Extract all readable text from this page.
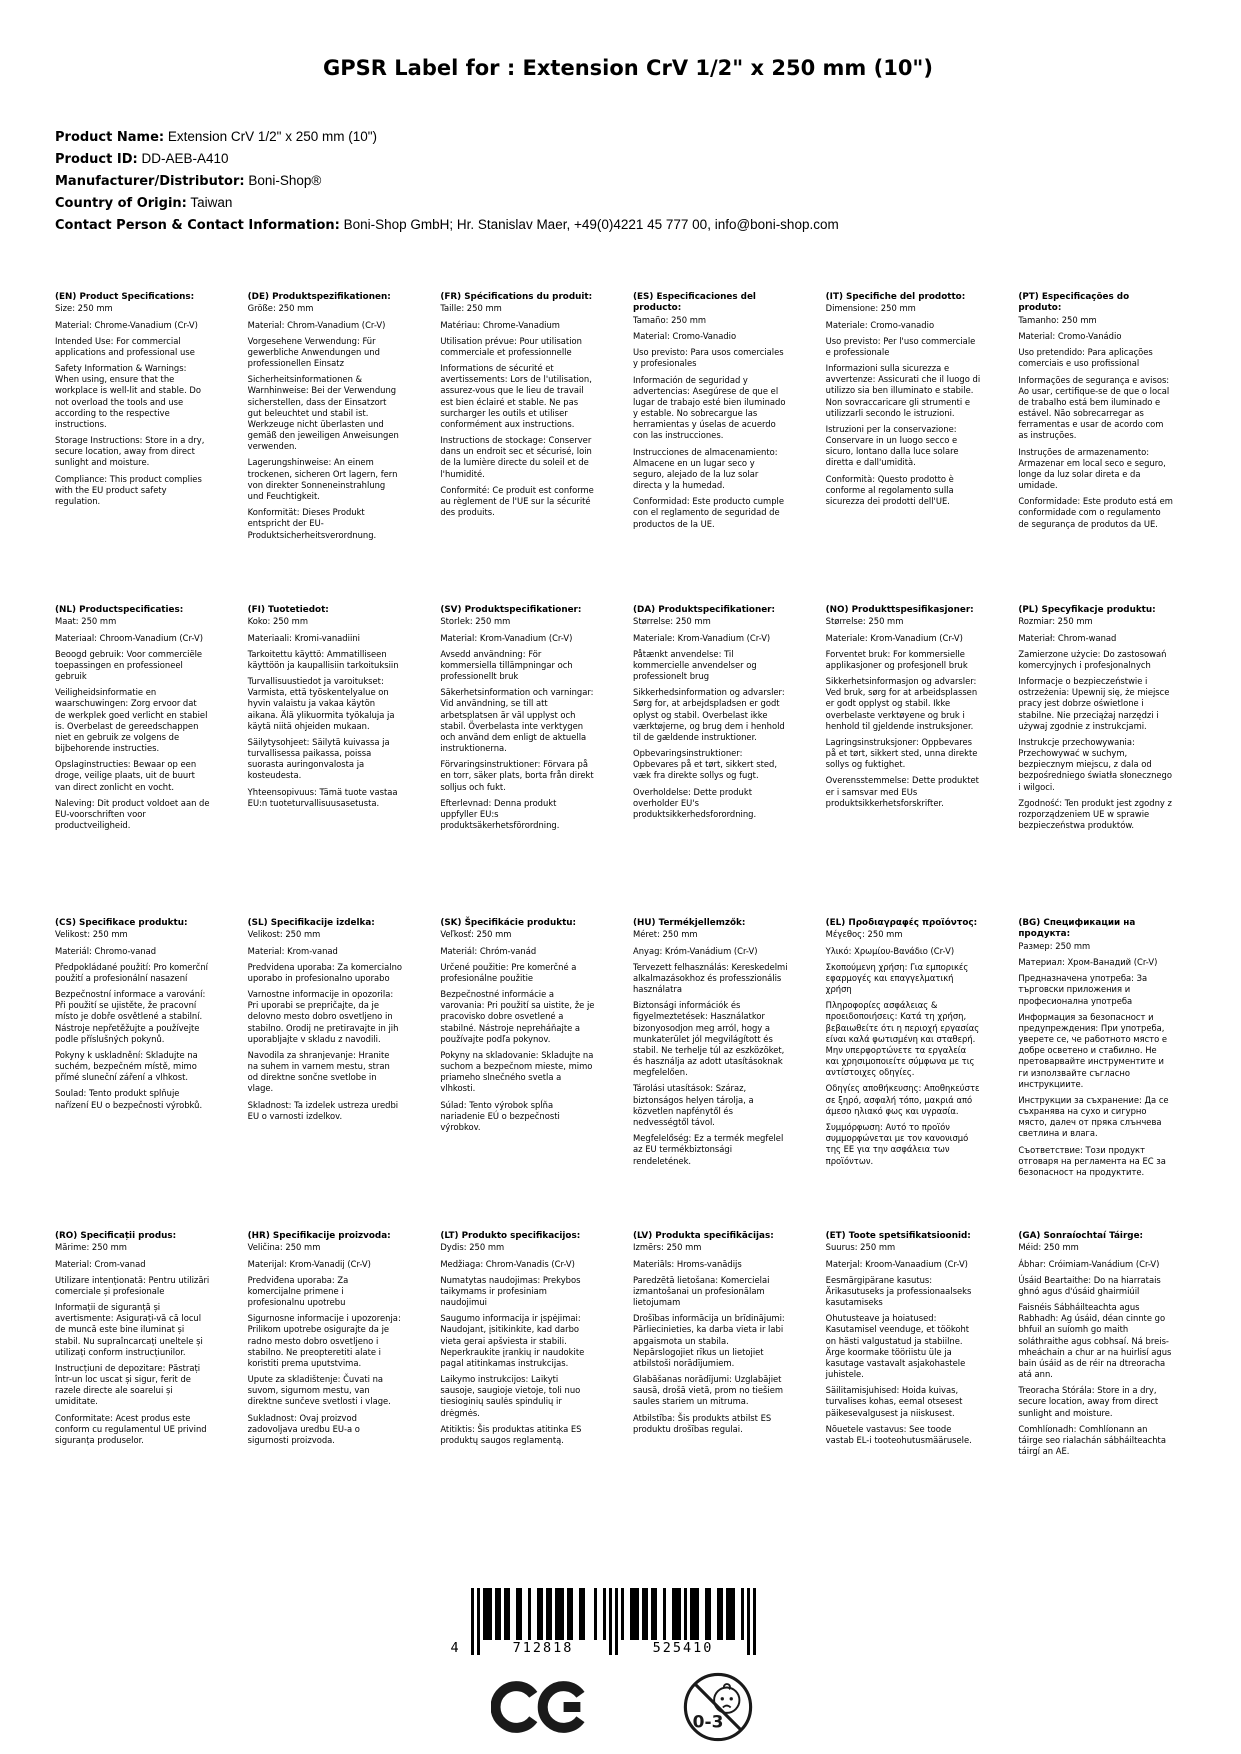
GPSR Label for : Extension CrV 1/2" x 250 mm (10")
Product Name: Extension CrV 1/2" x 250 mm (10")
Product ID: DD-AEB-A410
Manufacturer/Distributor: Boni-Shop®
Country of Origin: Taiwan
Contact Person & Contact Information: Boni-Shop GmbH; Hr. Stanislav Maer, +49(0)4221 45 777 00, info@boni-shop.com
(EN) Product Specifications:

Size: 250 mm

Material: Chrome-Vanadium (Cr-V)

Intended Use: For commercial applications and professional use

Safety Information & Warnings: When using, ensure that the workplace is well-lit and stable. Do not overload the tools and use according to the respective instructions.

Storage Instructions: Store in a dry, secure location, away from direct sunlight and moisture.

Compliance: This product complies with the EU product safety regulation.

(DE) Produktspezifikationen:

Größe: 250 mm

Material: Chrom-Vanadium (Cr-V)

Vorgesehene Verwendung: Für gewerbliche Anwendungen und professionellen Einsatz

Sicherheitsinformationen & Warnhinweise: Bei der Verwendung sicherstellen, dass der Einsatzort gut beleuchtet und stabil ist. Werkzeuge nicht überlasten und gemäß den jeweiligen Anweisungen verwenden.

Lagerungshinweise: An einem trockenen, sicheren Ort lagern, fern von direkter Sonneneinstrahlung und Feuchtigkeit.

Konformität: Dieses Produkt entspricht der EU-Produktsicherheitsverordnung.

(FR) Spécifications du produit:

Taille: 250 mm

Matériau: Chrome-Vanadium

Utilisation prévue: Pour utilisation commerciale et professionnelle

Informations de sécurité et avertissements: Lors de l'utilisation, assurez-vous que le lieu de travail est bien éclairé et stable. Ne pas surcharger les outils et utiliser conformément aux instructions.

Instructions de stockage: Conserver dans un endroit sec et sécurisé, loin de la lumière directe du soleil et de l'humidité.

Conformité: Ce produit est conforme au règlement de l'UE sur la sécurité des produits.

(ES) Especificaciones del producto:

Tamaño: 250 mm

Material: Cromo-Vanadio

Uso previsto: Para usos comerciales y profesionales

Información de seguridad y advertencias: Asegúrese de que el lugar de trabajo esté bien iluminado y estable. No sobrecargue las herramientas y úselas de acuerdo con las instrucciones.

Instrucciones de almacenamiento: Almacene en un lugar seco y seguro, alejado de la luz solar directa y la humedad.

Conformidad: Este producto cumple con el reglamento de seguridad de productos de la UE.

(IT) Specifiche del prodotto:

Dimensione: 250 mm

Materiale: Cromo-vanadio

Uso previsto: Per l'uso commerciale e professionale

Informazioni sulla sicurezza e avvertenze: Assicurati che il luogo di utilizzo sia ben illuminato e stabile. Non sovraccaricare gli strumenti e utilizzarli secondo le istruzioni.

Istruzioni per la conservazione: Conservare in un luogo secco e sicuro, lontano dalla luce solare diretta e dall'umidità.

Conformità: Questo prodotto è conforme al regolamento sulla sicurezza dei prodotti dell'UE.

(PT) Especificações do produto:

Tamanho: 250 mm

Material: Cromo-Vanádio

Uso pretendido: Para aplicações comerciais e uso profissional

Informações de segurança e avisos: Ao usar, certifique-se de que o local de trabalho está bem iluminado e estável. Não sobrecarregar as ferramentas e usar de acordo com as instruções.

Instruções de armazenamento: Armazenar em local seco e seguro, longe da luz solar direta e da umidade.

Conformidade: Este produto está em conformidade com o regulamento de segurança de produtos da UE.

(NL) Productspecificaties:

Maat: 250 mm

Materiaal: Chroom-Vanadium (Cr-V)

Beoogd gebruik: Voor commerciële toepassingen en professioneel gebruik

Veiligheidsinformatie en waarschuwingen: Zorg ervoor dat de werkplek goed verlicht en stabiel is. Overbelast de gereedschappen niet en gebruik ze volgens de bijbehorende instructies.

Opslaginstructies: Bewaar op een droge, veilige plaats, uit de buurt van direct zonlicht en vocht.

Naleving: Dit product voldoet aan de EU-voorschriften voor productveiligheid.

(FI) Tuotetiedot:

Koko: 250 mm

Materiaali: Kromi-vanadiini

Tarkoitettu käyttö: Ammatilliseen käyttöön ja kaupallisiin tarkoituksiin

Turvallisuustiedot ja varoitukset: Varmista, että työskentelyalue on hyvin valaistu ja vakaa käytön aikana. Älä ylikuormita työkaluja ja käytä niitä ohjeiden mukaan.

Säilytysohjeet: Säilytä kuivassa ja turvallisessa paikassa, poissa suorasta auringonvalosta ja kosteudesta.

Yhteensopivuus: Tämä tuote vastaa EU:n tuoteturvallisuusasetusta.

(SV) Produktspecifikationer:

Storlek: 250 mm

Material: Krom-Vanadium (Cr-V)

Avsedd användning: För kommersiella tillämpningar och professionellt bruk

Säkerhetsinformation och varningar: Vid användning, se till att arbetsplatsen är väl upplyst och stabil. Överbelasta inte verktygen och använd dem enligt de aktuella instruktionerna.

Förvaringsinstruktioner: Förvara på en torr, säker plats, borta från direkt solljus och fukt.

Efterlevnad: Denna produkt uppfyller EU:s produktsäkerhetsförordning.

(DA) Produktspecifikationer:

Størrelse: 250 mm

Materiale: Krom-Vanadium (Cr-V)

Påtænkt anvendelse: Til kommercielle anvendelser og professionelt brug

Sikkerhedsinformation og advarsler: Sørg for, at arbejdspladsen er godt oplyst og stabil. Overbelast ikke værktøjerne, og brug dem i henhold til de gældende instruktioner.

Opbevaringsinstruktioner: Opbevares på et tørt, sikkert sted, væk fra direkte sollys og fugt.

Overholdelse: Dette produkt overholder EU's produktsikkerhedsforordning.

(NO) Produkttspesifikasjoner:

Størrelse: 250 mm

Materiale: Krom-Vanadium (Cr-V)

Forventet bruk: For kommersielle applikasjoner og profesjonell bruk

Sikkerhetsinformasjon og advarsler: Ved bruk, sørg for at arbeidsplassen er godt opplyst og stabil. Ikke overbelaste verktøyene og bruk i henhold til gjeldende instruksjoner.

Lagringsinstruksjoner: Oppbevares på et tørt, sikkert sted, unna direkte sollys og fuktighet.

Overensstemmelse: Dette produktet er i samsvar med EUs produktsikkerhetsforskrifter.

(PL) Specyfikacje produktu:

Rozmiar: 250 mm

Materiał: Chrom-wanad

Zamierzone użycie: Do zastosowań komercyjnych i profesjonalnych

Informacje o bezpieczeństwie i ostrzeżenia: Upewnij się, że miejsce pracy jest dobrze oświetlone i stabilne. Nie przeciążaj narzędzi i używaj zgodnie z instrukcjami.

Instrukcje przechowywania: Przechowywać w suchym, bezpiecznym miejscu, z dala od bezpośredniego światła słonecznego i wilgoci.

Zgodność: Ten produkt jest zgodny z rozporządzeniem UE w sprawie bezpieczeństwa produktów.

(CS) Specifikace produktu:

Velikost: 250 mm

Materiál: Chromo-vanad

Předpokládané použití: Pro komerční použití a profesionální nasazení

Bezpečnostní informace a varování: Při použití se ujistěte, že pracovní místo je dobře osvětlené a stabilní. Nástroje nepřetěžujte a používejte podle příslušných pokynů.

Pokyny k uskladnění: Skladujte na suchém, bezpečném místě, mimo přímé sluneční záření a vlhkost.

Soulad: Tento produkt splňuje nařízení EU o bezpečnosti výrobků.

(SL) Specifikacije izdelka:

Velikost: 250 mm

Material: Krom-vanad

Predvidena uporaba: Za komercialno uporabo in profesionalno uporabo

Varnostne informacije in opozorila: Pri uporabi se prepričajte, da je delovno mesto dobro osvetljeno in stabilno. Orodij ne pretiravajte in jih uporabljajte v skladu z navodili.

Navodila za shranjevanje: Hranite na suhem in varnem mestu, stran od direktne sončne svetlobe in vlage.

Skladnost: Ta izdelek ustreza uredbi EU o varnosti izdelkov.

(SK) Špecifikácie produktu:

Veľkosť: 250 mm

Materiál: Chróm-vanád

Určené použitie: Pre komerčné a profesionálne použitie

Bezpečnostné informácie a varovania: Pri použití sa uistite, že je pracovisko dobre osvetlené a stabilné. Nástroje nepreháňajte a používajte podľa pokynov.

Pokyny na skladovanie: Skladujte na suchom a bezpečnom mieste, mimo priameho slnečného svetla a vlhkosti.

Súlad: Tento výrobok spĺňa nariadenie EÚ o bezpečnosti výrobkov.

(HU) Termékjellemzők:

Méret: 250 mm

Anyag: Króm-Vanádium (Cr-V)

Tervezett felhasználás: Kereskedelmi alkalmazásokhoz és professzionális használatra

Biztonsági információk és figyelmeztetések: Használatkor bizonyosodjon meg arról, hogy a munkaterület jól megvilágított és stabil. Ne terhelje túl az eszközöket, és használja az adott utasításoknak megfelelően.

Tárolási utasítások: Száraz, biztonságos helyen tárolja, a közvetlen napfénytől és nedvességtől távol.

Megfelelőség: Ez a termék megfelel az EU termékbiztonsági rendeletének.

(EL) Προδιαγραφές προϊόντος:

Μέγεθος: 250 mm

Υλικό: Χρωμίου-Βανάδιο (Cr-V)

Σκοπούμενη χρήση: Για εμπορικές εφαρμογές και επαγγελματική χρήση

Πληροφορίες ασφάλειας & προειδοποιήσεις: Κατά τη χρήση, βεβαιωθείτε ότι η περιοχή εργασίας είναι καλά φωτισμένη και σταθερή. Μην υπερφορτώνετε τα εργαλεία και χρησιμοποιείτε σύμφωνα με τις αντίστοιχες οδηγίες.

Οδηγίες αποθήκευσης: Αποθηκεύστε σε ξηρό, ασφαλή τόπο, μακριά από άμεσο ηλιακό φως και υγρασία.

Συμμόρφωση: Αυτό το προϊόν συμμορφώνεται με τον κανονισμό της ΕΕ για την ασφάλεια των προϊόντων.

(BG) Спецификации на продукта:

Размер: 250 mm

Материал: Хром-Ванадий (Cr-V)

Предназначена употреба: За търговски приложения и професионална употреба

Информация за безопасност и предупреждения: При употреба, уверете се, че работното място е добре осветено и стабилно. Не претоварвайте инструментите и ги използвайте съгласно инструкциите.

Инструкции за съхранение: Да се съхранява на сухо и сигурно място, далеч от пряка слънчева светлина и влага.

Съответствие: Този продукт отговаря на регламента на ЕС за безопасност на продуктите.

(RO) Specificații produs:

Mărime: 250 mm

Material: Crom-vanad

Utilizare intenționată: Pentru utilizări comerciale și profesionale

Informații de siguranță și avertismente: Asigurați-vă că locul de muncă este bine iluminat și stabil. Nu supraîncarcați uneltele și utilizați conform instrucțiunilor.

Instrucțiuni de depozitare: Păstrați într-un loc uscat și sigur, ferit de razele directe ale soarelui și umiditate.

Conformitate: Acest produs este conform cu regulamentul UE privind siguranța produselor.

(HR) Specifikacije proizvoda:

Veličina: 250 mm

Materijal: Krom-Vanadij (Cr-V)

Predviđena uporaba: Za komercijalne primene i profesionalnu upotrebu

Sigurnosne informacije i upozorenja: Prilikom upotrebe osigurajte da je radno mesto dobro osvetljeno i stabilno. Ne preopteretiti alate i koristiti prema uputstvima.

Upute za skladištenje: Čuvati na suvom, sigurnom mestu, van direktne sunčeve svetlosti i vlage.

Sukladnost: Ovaj proizvod zadovoljava uredbu EU-a o sigurnosti proizvoda.

(LT) Produkto specifikacijos:

Dydis: 250 mm

Medžiaga: Chrom-Vanadis (Cr-V)

Numatytas naudojimas: Prekybos taikymams ir profesiniam naudojimui

Saugumo informacija ir įspėjimai: Naudojant, įsitikinkite, kad darbo vieta gerai apšviesta ir stabili. Neperkraukite įrankių ir naudokite pagal atitinkamas instrukcijas.

Laikymo instrukcijos: Laikyti sausoje, saugioje vietoje, toli nuo tiesioginių saulės spindulių ir drėgmės.

Atitiktis: Šis produktas atitinka ES produktų saugos reglamentą.

(LV) Produkta specifikācijas:

Izmērs: 250 mm

Materiāls: Hroms-vanādijs

Paredzētā lietošana: Komercielai izmantošanai un profesionālam lietojumam

Drošības informācija un brīdinājumi: Pārliecinieties, ka darba vieta ir labi apgaismota un stabila. Nepārslogojiet rīkus un lietojiet atbilstoši norādījumiem.

Glabāšanas norādījumi: Uzglabājiet sausā, drošā vietā, prom no tiešiem saules stariem un mitruma.

Atbilstība: Šis produkts atbilst ES produktu drošības regulai.

(ET) Toote spetsifikatsioonid:

Suurus: 250 mm

Materjal: Kroom-Vanaadium (Cr-V)

Eesmärgipärane kasutus: Ärikasutuseks ja professionaalseks kasutamiseks

Ohutusteave ja hoiatused: Kasutamisel veenduge, et töökoht on hästi valgustatud ja stabiilne. Ärge koormake tööriistu üle ja kasutage vastavalt asjakohastele juhistele.

Säilitamisjuhised: Hoida kuivas, turvalises kohas, eemal otsesest päikesevalgusest ja niiskusest.

Nõuetele vastavus: See toode vastab EL-i tooteohutusmäärusele.

(GA) Sonraíochtaí Táirge:

Méid: 250 mm

Ábhar: Cróimiam-Vanádium (Cr-V)

Úsáid Beartaithe: Do na hiarratais ghnó agus d'úsáid ghairmiúil

Faisnéis Sábháilteachta agus Rabhadh: Ag úsáid, déan cinnte go bhfuil an suíomh go maith soláthraithe agus cobhsaí. Ná breis-mheáchain a chur ar na huirlisí agus bain úsáid as de réir na dtreoracha atá ann.

Treoracha Stórála: Store in a dry, secure location, away from direct sunlight and moisture.

Comhlíonadh: Comhlíonann an táirge seo rialachán sábháilteachta táirgí an AE.

4	712818	525410
0-3
